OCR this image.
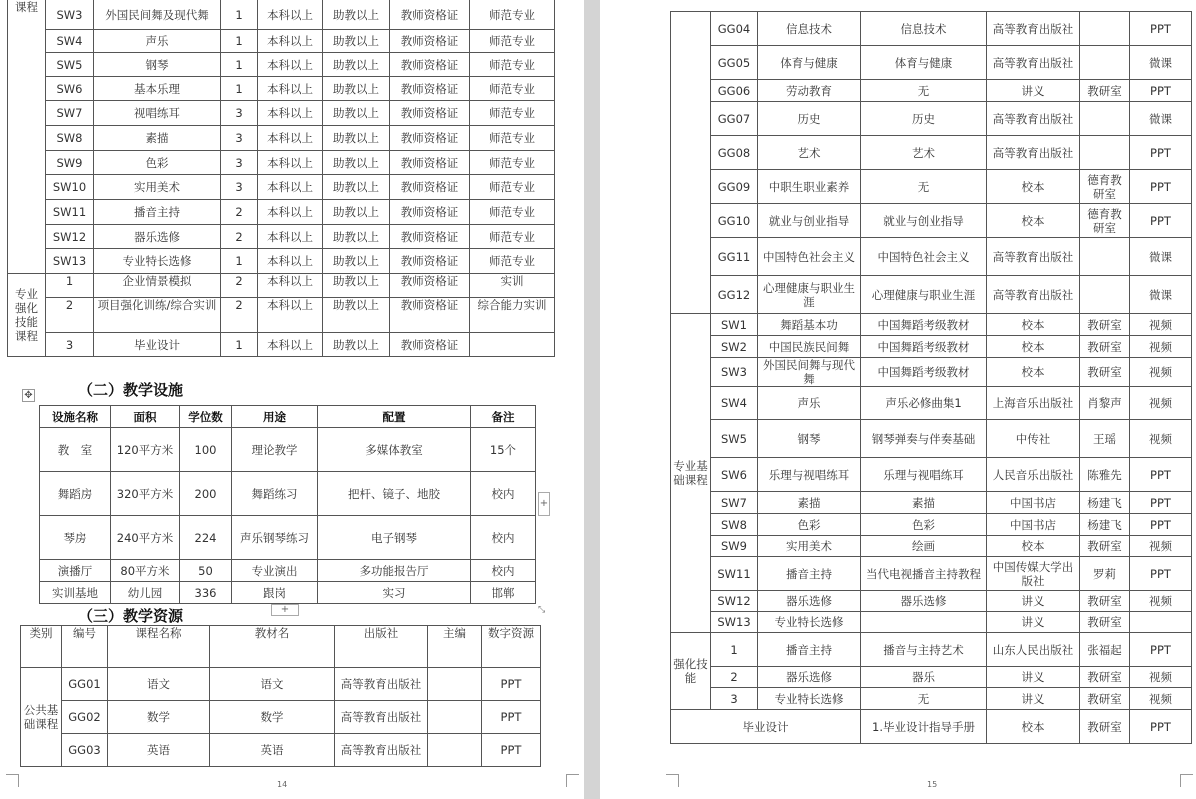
课程	SW3	外国民间舞及现代舞	1	本科以上	助教以上	教师资格证	师范专业
	SW4	声乐	1	本科以上	助教以上	教师资格证	师范专业
	SW5	钢琴	1	本科以上	助教以上	教师资格证	师范专业
	SW6	基本乐理	1	本科以上	助教以上	教师资格证	师范专业
	SW7	视唱练耳	3	本科以上	助教以上	教师资格证	师范专业
	SW8	素描	3	本科以上	助教以上	教师资格证	师范专业
	SW9	色彩	3	本科以上	助教以上	教师资格证	师范专业
	SW10	实用美术	3	本科以上	助教以上	教师资格证	师范专业
	SW11	播音主持	2	本科以上	助教以上	教师资格证	师范专业
	SW12	器乐选修	2	本科以上	助教以上	教师资格证	师范专业
	SW13	专业特长选修	1	本科以上	助教以上	教师资格证	师范专业
专业强化技能课程	1	企业情景模拟	2	本科以上	助教以上	教师资格证	实训
	2	项目强化训练/综合实训	2	本科以上	助教以上	教师资格证	综合能力实训
	3	毕业设计	1	本科以上	助教以上	教师资格证	
✥	（二）教学设施
设施名称	面积	学位数	用途	配置	备注
教　室	120平方米	100	理论教学	多媒体教室	15个
舞蹈房	320平方米	200	舞蹈练习	把杆、镜子、地胶	校内
琴房	240平方米	224	声乐钢琴练习	电子钢琴	校内
演播厅	80平方米	50	专业演出	多功能报告厅	校内
实训基地	幼儿园	336	跟岗	实习	邯郸
+
+	⤡
（三）教学资源
类别	编号	课程名称	教材名	出版社	主编	数字资源
公共基础课程	GG01	语文	语文	高等教育出版社		PPT
	GG02	数学	数学	高等教育出版社		PPT
	GG03	英语	英语	高等教育出版社		PPT
14
	GG04	信息技术	信息技术	高等教育出版社		PPT
	GG05	体育与健康	体育与健康	高等教育出版社		微课
	GG06	劳动教育	无	讲义	教研室	PPT
	GG07	历史	历史	高等教育出版社		微课
	GG08	艺术	艺术	高等教育出版社		PPT
	GG09	中职生职业素养	无	校本	德育教研室	PPT
	GG10	就业与创业指导	就业与创业指导	校本	德育教研室	PPT
	GG11	中国特色社会主义	中国特色社会主义	高等教育出版社		微课
	GG12	心理健康与职业生涯	心理健康与职业生涯	高等教育出版社		微课
专业基础课程	SW1	舞蹈基本功	中国舞蹈考级教材	校本	教研室	视频
	SW2	中国民族民间舞	中国舞蹈考级教材	校本	教研室	视频
	SW3	外国民间舞与现代舞	中国舞蹈考级教材	校本	教研室	视频
	SW4	声乐	声乐必修曲集1	上海音乐出版社	肖黎声	视频
	SW5	钢琴	钢琴弹奏与伴奏基础	中传社	王瑶	视频
	SW6	乐理与视唱练耳	乐理与视唱练耳	人民音乐出版社	陈雅先	PPT
	SW7	素描	素描	中国书店	杨建飞	PPT
	SW8	色彩	色彩	中国书店	杨建飞	PPT
	SW9	实用美术	绘画	校本	教研室	视频
	SW11	播音主持	当代电视播音主持教程	中国传媒大学出版社	罗莉	PPT
	SW12	器乐选修	器乐选修	讲义	教研室	视频
	SW13	专业特长选修		讲义	教研室	
强化技能	1	播音主持	播音与主持艺术	山东人民出版社	张福起	PPT
	2	器乐选修	器乐	讲义	教研室	视频
	3	专业特长选修	无	讲义	教研室	视频
毕业设计			1.毕业设计指导手册	校本	教研室	PPT
15
